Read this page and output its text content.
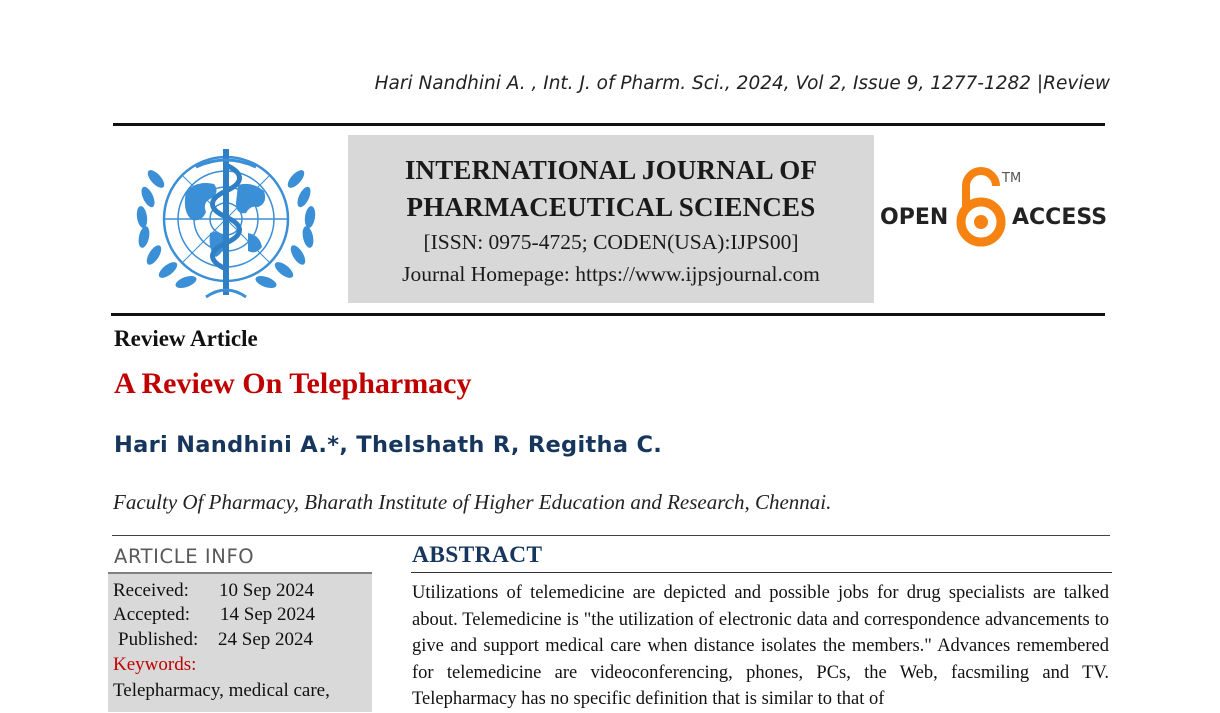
Hari Nandhini A. , Int. J. of Pharm. Sci., 2024, Vol 2, Issue 9, 1277-1282 |Review
INTERNATIONAL JOURNAL OF
PHARMACEUTICAL SCIENCES
[ISSN: 0975-4725; CODEN(USA):IJPS00]
Journal Homepage: https://www.ijpsjournal.com
OPEN
TM
ACCESS
Review Article
A Review On Telepharmacy
Hari Nandhini A.*, Thelshath R, Regitha C.
Faculty Of Pharmacy, Bharath Institute of Higher Education and Research, Chennai.
ARTICLE INFO
Received: 10 Sep 2024
Accepted: 14 Sep 2024
Published: 24 Sep 2024
Keywords:
Telepharmacy, medical care,
ABSTRACT
Utilizations of telemedicine are depicted and possible jobs for drug specialists are talked about. Telemedicine is "the utilization of electronic data and correspondence advancements to give and support medical care when distance isolates the members." Advances remembered for telemedicine are videoconferencing, phones, PCs, the Web, facsmiling and TV. Telepharmacy has no specific definition that is similar to that of
